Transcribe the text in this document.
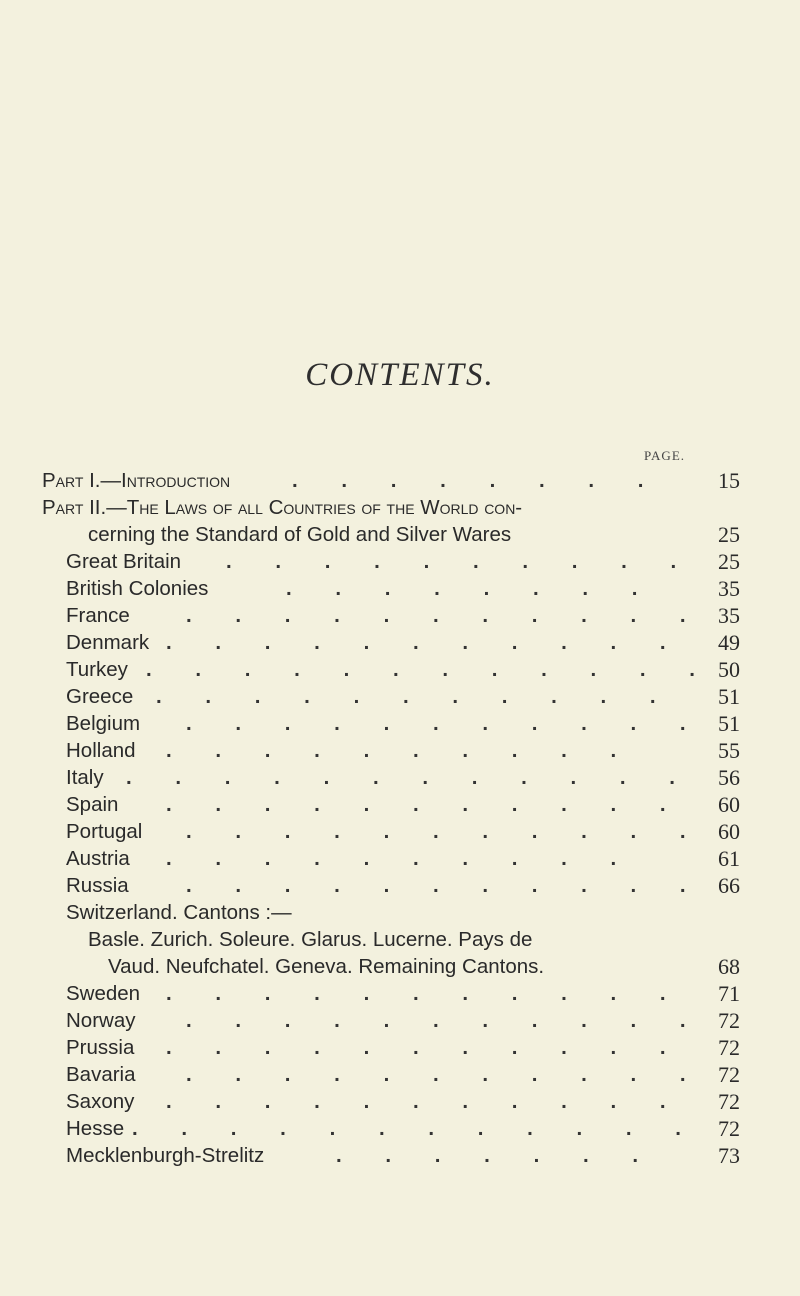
CONTENTS.
PAGE.
Part I.—Introduction	. . . . . . . .	15
Part II.—The Laws of all Countries of the World con-
cerning the Standard of Gold and Silver Wares	25
Great Britain . . . . . . . . . . 25
British Colonies	. . . . . . . .	35
France	. . . . . . . . . . . 35
Denmark . . . . . . . . . . . 49
Turkey . . . . . . . . . . . . 50
Greece . . . . . . . . . . . 51
Belgium . . . . . . . . . . . 51
Holland . . . . . . . . . .	55
Italy . . . . . . . . . . . . 56
Spain . . . . . . . . . . . 60
Portugal . . . . . . . . . . . 60
Austria . . . . . . . . . .	61
Russia	. . . . . . . . . . . 66
Switzerland. Cantons :—
Basle. Zurich. Soleure. Glarus. Lucerne. Pays de
Vaud. Neufchatel. Geneva. Remaining Cantons.	68
Sweden . . . . . . . . . . . 71
Norway . . . . . . . . . . . 72
Prussia . . . . . . . . . . . 72
Bavaria . . . . . . . . . . . 72
Saxony . . . . . . . . . . . 72
Hesse . . . . . . . . . . . . 72
Mecklenburgh-Strelitz	. . . . . . .	73
